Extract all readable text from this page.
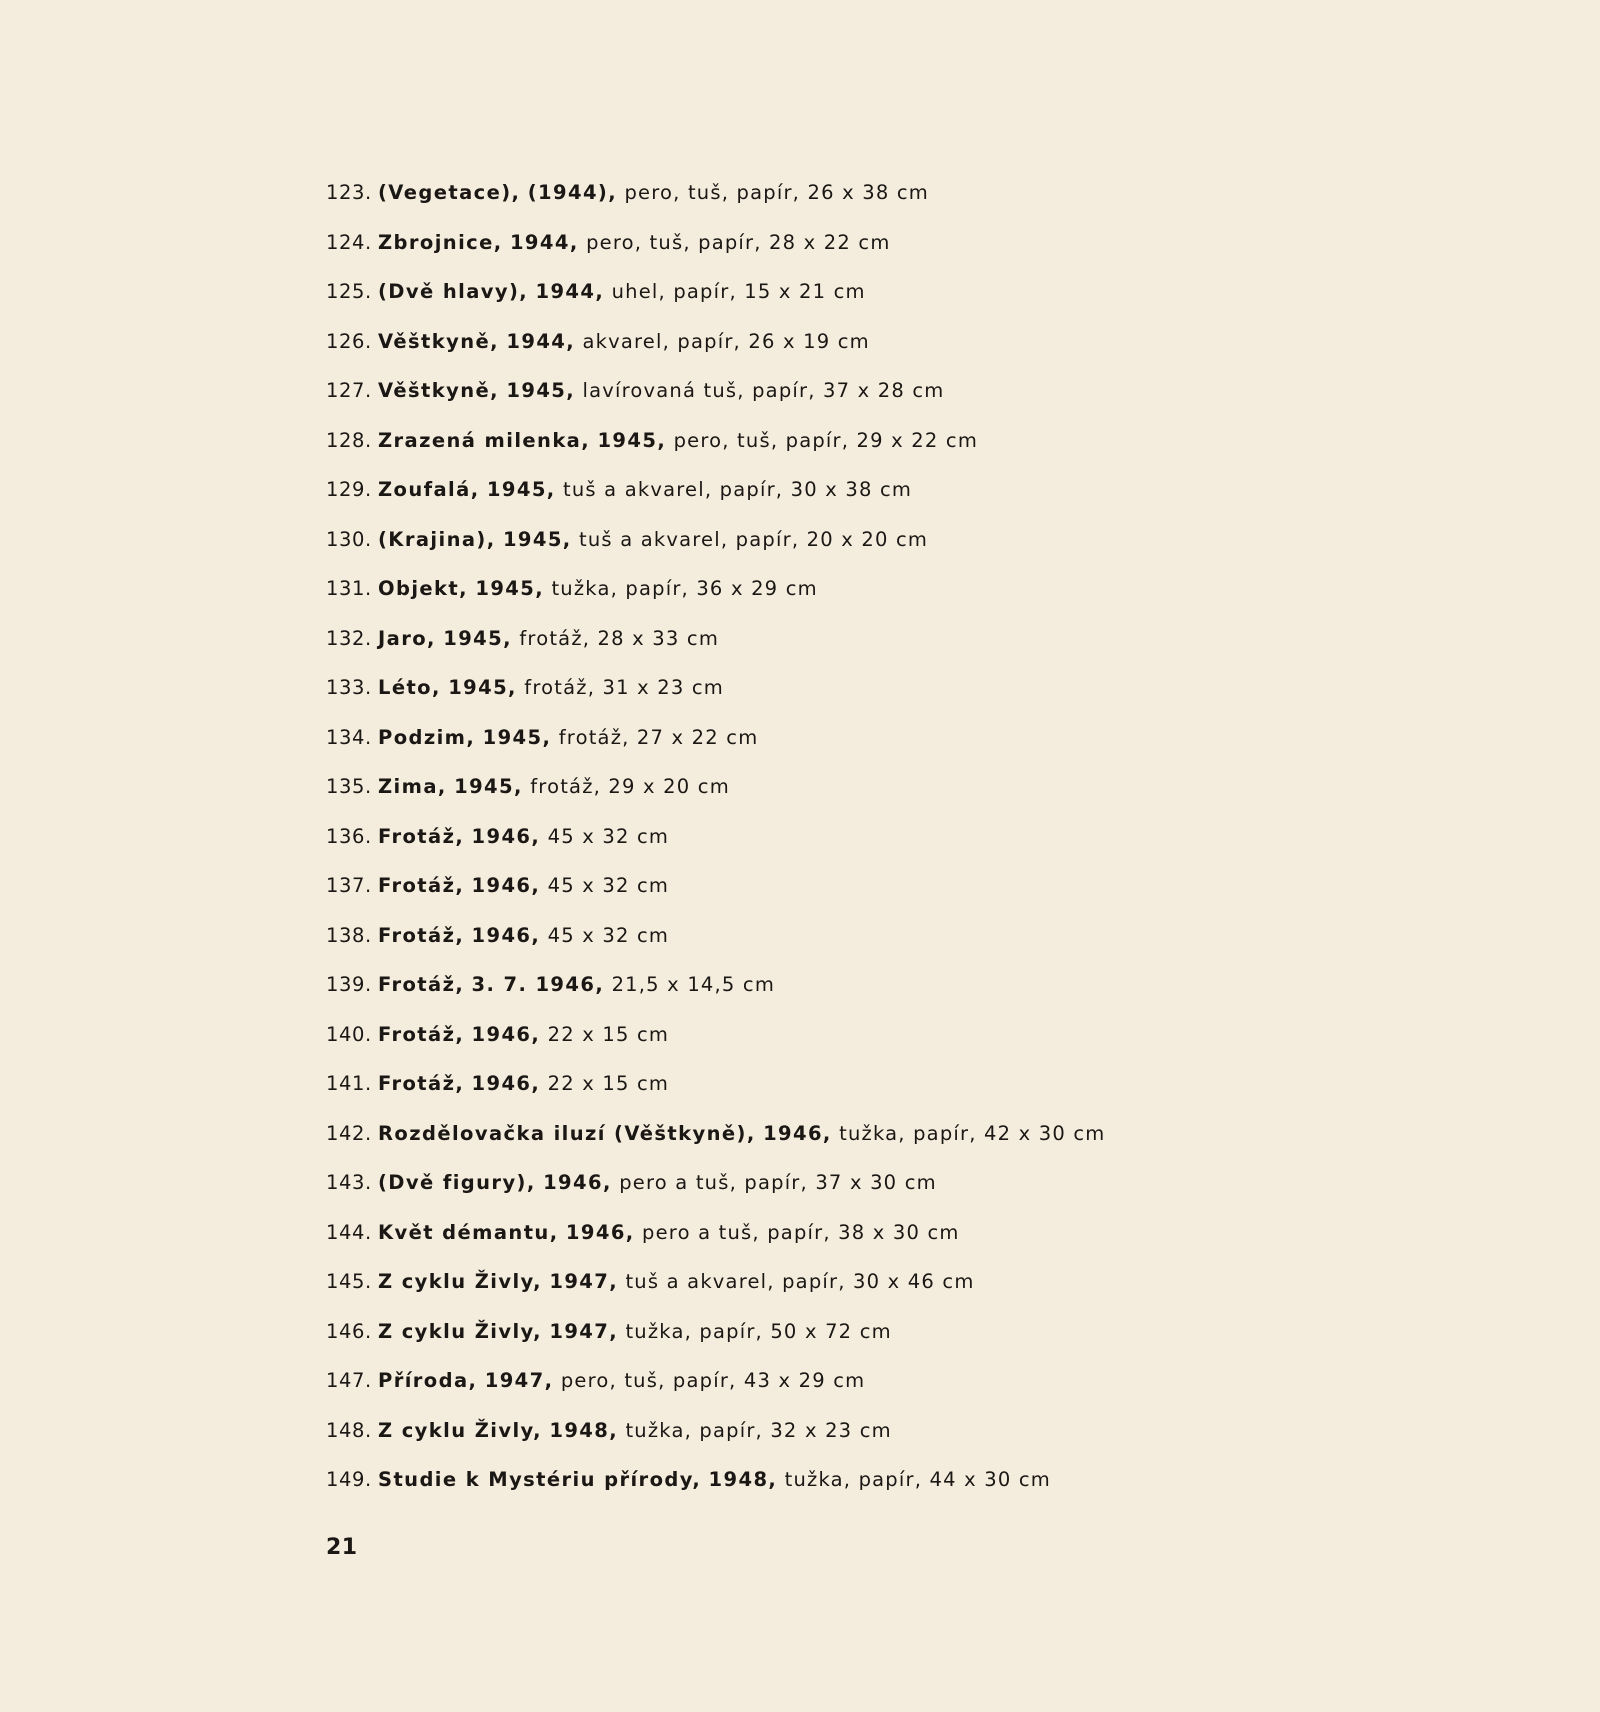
123. (Vegetace),
(1944),
pero, tuš, papír, 26 x 38 cm
124. Zbrojnice,
1944,
pero, tuš, papír, 28 x 22 cm
125. (Dvě hlavy),
1944,
uhel, papír, 15 x 21 cm
126. Věštkyně,
1944,
akvarel, papír, 26 x 19 cm
127. Věštkyně,
1945,
lavírovaná tuš, papír, 37 x 28 cm
128. Zrazená milenka,
1945,
pero, tuš, papír, 29 x 22 cm
129. Zoufalá,
1945,
tuš a akvarel, papír, 30 x 38 cm
130. (Krajina),
1945,
tuš a akvarel, papír, 20 x 20 cm
131. Objekt,
1945,
tužka, papír, 36 x 29 cm
132. Jaro,
1945,
frotáž, 28 x 33 cm
133. Léto,
1945,
frotáž, 31 x 23 cm
134. Podzim,
1945,
frotáž, 27 x 22 cm
135. Zima,
1945,
frotáž, 29 x 20 cm
136. Frotáž,
1946,
45 x 32 cm
137. Frotáž,
1946,
45 x 32 cm
138. Frotáž,
1946,
45 x 32 cm
139. Frotáž,
3. 7. 1946,
21,5 x 14,5 cm
140. Frotáž,
1946,
22 x 15 cm
141. Frotáž,
1946,
22 x 15 cm
142. Rozdělovačka iluzí (Věštkyně),
1946,
tužka, papír, 42 x 30 cm
143. (Dvě figury),
1946,
pero a tuš, papír, 37 x 30 cm
144. Květ démantu,
1946,
pero a tuš, papír, 38 x 30 cm
145. Z cyklu Živly,
1947,
tuš a akvarel, papír, 30 x 46 cm
146. Z cyklu Živly,
1947,
tužka, papír, 50 x 72 cm
147. Příroda,
1947,
pero, tuš, papír, 43 x 29 cm
148. Z cyklu Živly,
1948,
tužka, papír, 32 x 23 cm
149. Studie k Mystériu přírody,
1948,
tužka, papír, 44 x 30 cm
21
